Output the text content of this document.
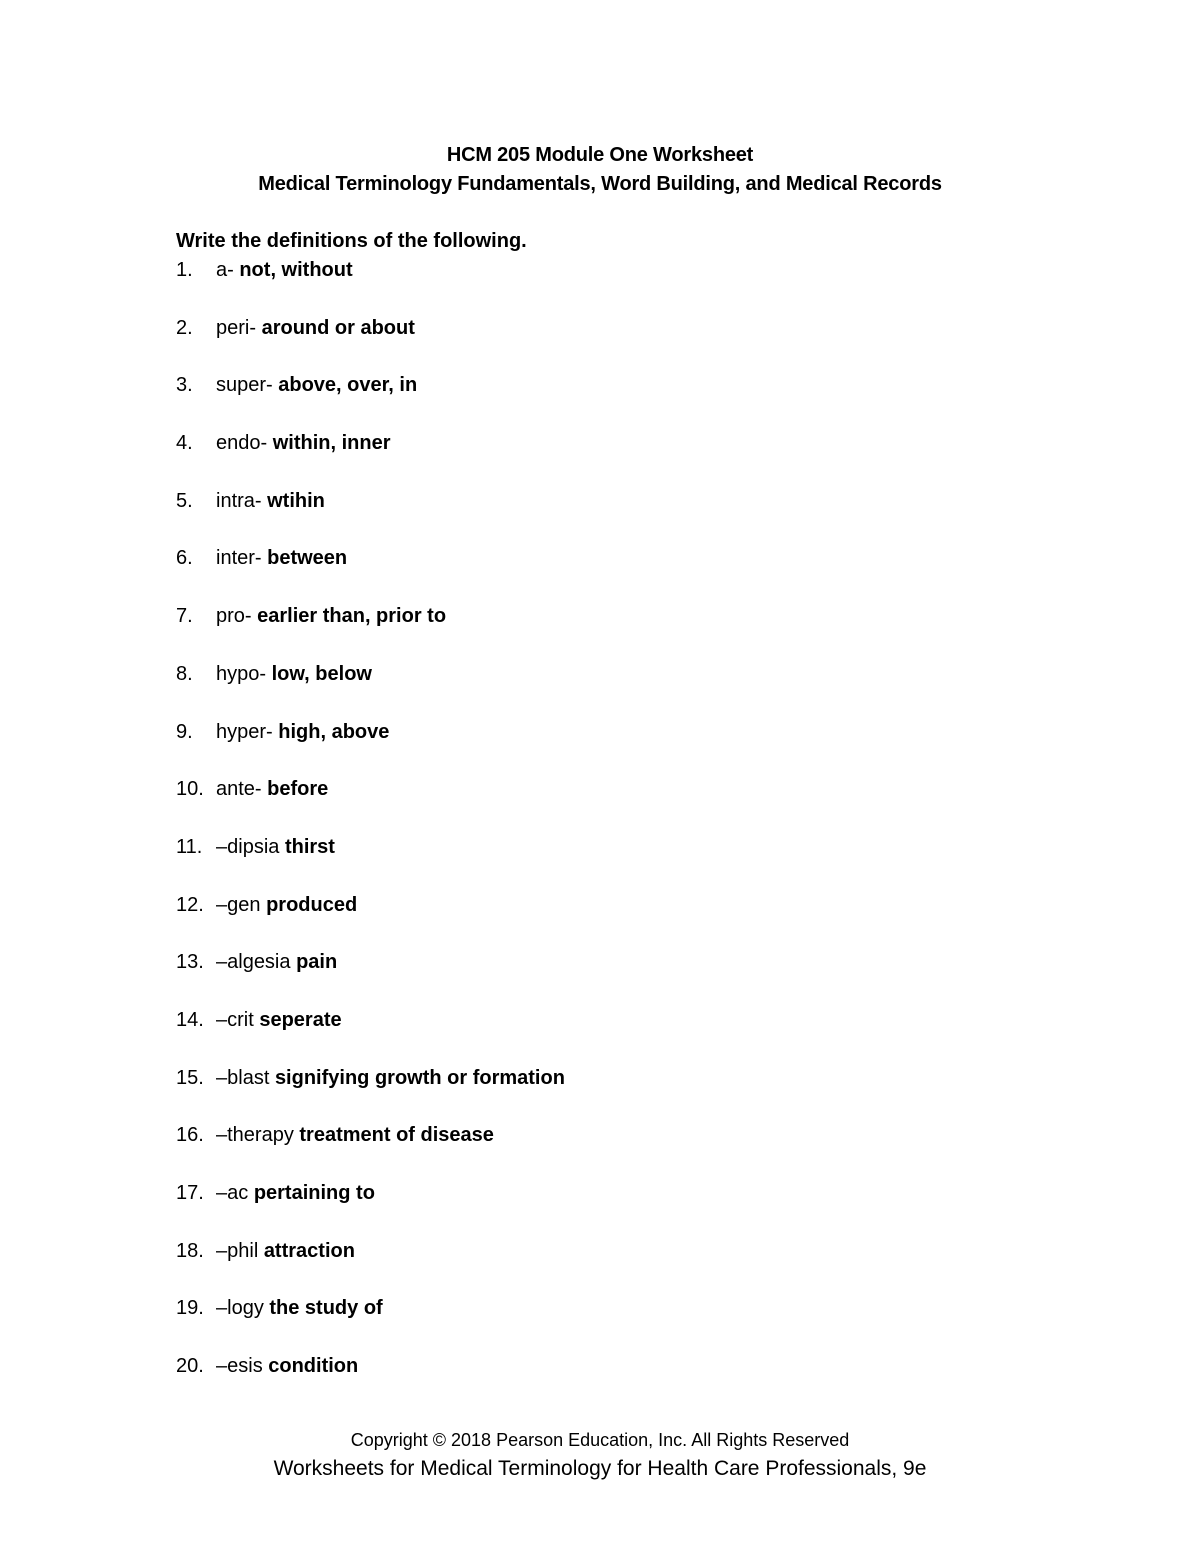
HCM 205 Module One Worksheet
Medical Terminology Fundamentals, Word Building, and Medical Records
Write the definitions of the following.
1. a- not, without
2. peri- around or about
3. super- above, over, in
4. endo- within, inner
5. intra- wtihin
6. inter- between
7. pro- earlier than, prior to
8. hypo- low, below
9. hyper- high, above
10. ante- before
11. –dipsia thirst
12. –gen produced
13. –algesia pain
14. –crit seperate
15. –blast signifying growth or formation
16. –therapy treatment of disease
17. –ac pertaining to
18. –phil attraction
19. –logy the study of
20. –esis condition
Copyright © 2018 Pearson Education, Inc. All Rights Reserved
Worksheets for Medical Terminology for Health Care Professionals, 9e
